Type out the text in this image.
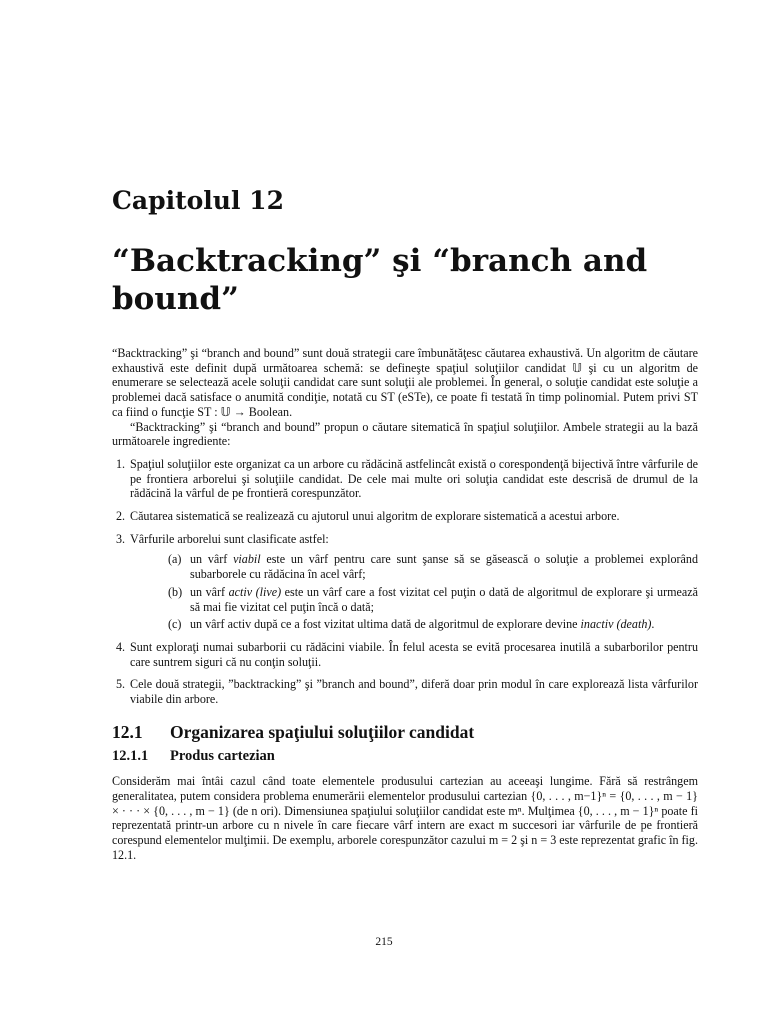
Capitolul 12
“Backtracking” şi “branch and bound”

“Backtracking” şi “branch and bound” sunt două strategii care îmbunătăţesc căutarea exhaustivă. Un algoritm de căutare exhaustivă este definit după următoarea schemă: se defineşte spaţiul soluţiilor candidat 𝕌 şi cu un algoritm de enumerare se selectează acele soluţii candidat care sunt soluţii ale problemei. În general, o soluţie candidat este soluţie a problemei dacă satisface o anumită condiţie, notată cu ST (eSTe), ce poate fi testată în timp polinomial. Putem privi ST ca fiind o funcţie ST : 𝕌 → Boolean.

“Backtracking” şi “branch and bound” propun o căutare sitematică în spaţiul soluţiilor. Ambele strategii au la bază următoarele ingrediente:

1. Spaţiul soluţiilor este organizat ca un arbore cu rădăcină astfelincât există o corespondenţă bijectivă între vârfurile de pe frontiera arborelui şi soluţiile candidat. De cele mai multe ori soluţia candidat este descrisă de drumul de la rădăcină la vârful de pe frontieră corespunzător.
2. Căutarea sistematică se realizează cu ajutorul unui algoritm de explorare sistematică a acestui arbore.
3. Vârfurile arborelui sunt clasificate astfel:
(a) un vârf viabil este un vârf pentru care sunt şanse să se găsească o soluţie a problemei explorând subarborele cu rădăcina în acel vârf;
(b) un vârf activ (live) este un vârf care a fost vizitat cel puţin o dată de algoritmul de explorare şi urmează să mai fie vizitat cel puţin încă o dată;
(c) un vârf activ după ce a fost vizitat ultima dată de algoritmul de explorare devine inactiv (death).
4. Sunt exploraţi numai subarborii cu rădăcini viabile. În felul acesta se evită procesarea inutilă a subarborilor pentru care suntrem siguri că nu conţin soluţii.
5. Cele două strategii, ”backtracking” şi ”branch and bound”, diferă doar prin modul în care explorează lista vârfurilor viabile din arbore.
12.1 Organizarea spaţiului soluţiilor candidat
12.1.1 Produs cartezian

Considerăm mai întâi cazul când toate elementele produsului cartezian au aceeaşi lungime. Fără să restrângem generalitatea, putem considera problema enumerării elementelor produsului cartezian {0, . . . , m−1}ⁿ = {0, . . . , m − 1} × · · · × {0, . . . , m − 1} (de n ori). Dimensiunea spaţiului soluţiilor candidat este mⁿ. Mulţimea {0, . . . , m − 1}ⁿ poate fi reprezentată printr-un arbore cu n nivele în care fiecare vârf intern are exact m succesori iar vârfurile de pe frontieră corespund elementelor mulţimii. De exemplu, arborele corespunzător cazului m = 2 şi n = 3 este reprezentat grafic în fig. 12.1.

215
